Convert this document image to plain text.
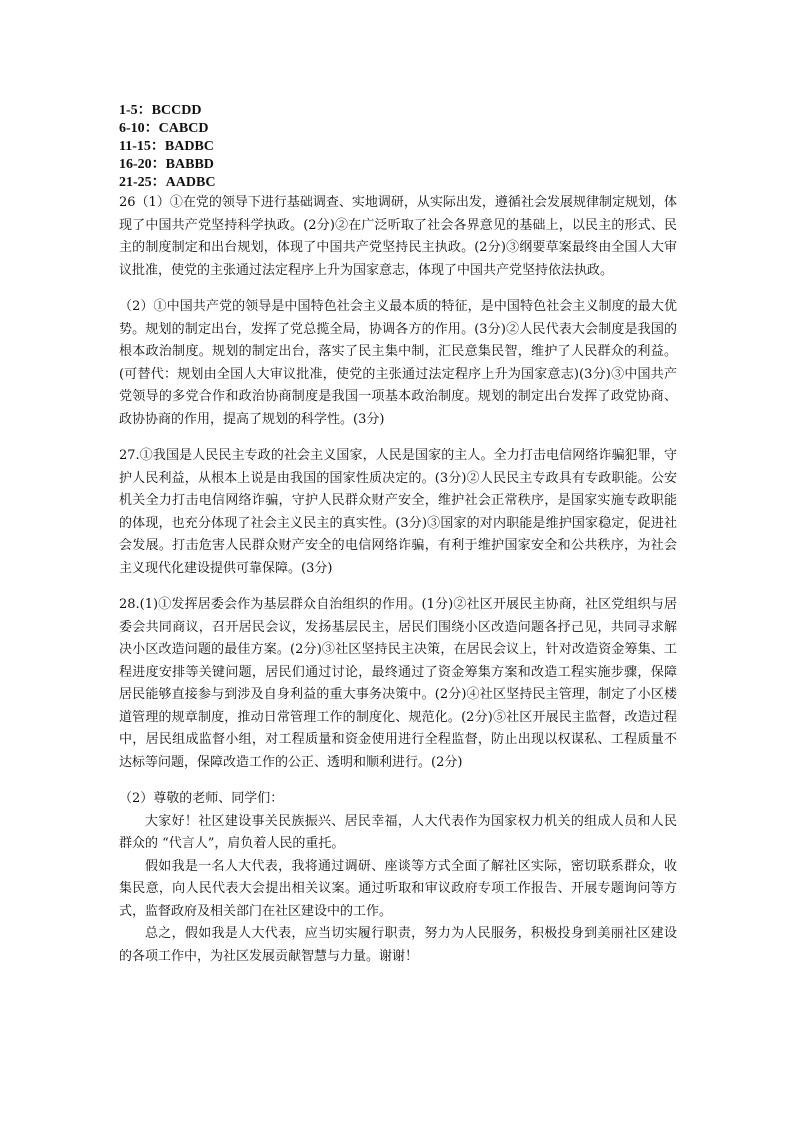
1-5：BCCDD

6-10：CABCD

11-15：BADBC

16-20：BABBD

21-25：AADBC

26（1）①在党的领导下进行基础调查、实地调研，从实际出发，遵循社会发展规律制定规划，体现了中国共产党坚持科学执政。(2分)②在广泛听取了社会各界意见的基础上，以民主的形式、民主的制度制定和出台规划，体现了中国共产党坚持民主执政。(2分)③纲要草案最终由全国人大审议批准，使党的主张通过法定程序上升为国家意志，体现了中国共产党坚持依法执政。

（2）①中国共产党的领导是中国特色社会主义最本质的特征，是中国特色社会主义制度的最大优势。规划的制定出台，发挥了党总揽全局，协调各方的作用。(3分)②人民代表大会制度是我国的根本政治制度。规划的制定出台，落实了民主集中制，汇民意集民智，维护了人民群众的利益。(可替代：规划由全国人大审议批准，使党的主张通过法定程序上升为国家意志)(3分)③中国共产党领导的多党合作和政治协商制度是我国一项基本政治制度。规划的制定出台发挥了政党协商、政协协商的作用，提高了规划的科学性。(3分)

27.①我国是人民民主专政的社会主义国家，人民是国家的主人。全力打击电信网络诈骗犯罪，守护人民利益，从根本上说是由我国的国家性质决定的。(3分)②人民民主专政具有专政职能。公安机关全力打击电信网络诈骗，守护人民群众财产安全，维护社会正常秩序，是国家实施专政职能的体现，也充分体现了社会主义民主的真实性。(3分)③国家的对内职能是维护国家稳定，促进社会发展。打击危害人民群众财产安全的电信网络诈骗，有利于维护国家安全和公共秩序，为社会主义现代化建设提供可靠保障。(3分)

28.(1)①发挥居委会作为基层群众自治组织的作用。(1分)②社区开展民主协商，社区党组织与居委会共同商议，召开居民会议，发扬基层民主，居民们围绕小区改造问题各抒己见，共同寻求解决小区改造问题的最佳方案。(2分)③社区坚持民主决策，在居民会议上，针对改造资金筹集、工程进度安排等关键问题，居民们通过讨论，最终通过了资金筹集方案和改造工程实施步骤，保障居民能够直接参与到涉及自身利益的重大事务决策中。(2分)④社区坚持民主管理，制定了小区楼道管理的规章制度，推动日常管理工作的制度化、规范化。(2分)⑤社区开展民主监督，改造过程中，居民组成监督小组，对工程质量和资金使用进行全程监督，防止出现以权谋私、工程质量不达标等问题，保障改造工作的公正、透明和顺利进行。(2分)

（2）尊敬的老师、同学们：

大家好！社区建设事关民族振兴、居民幸福，人大代表作为国家权力机关的组成人员和人民群众的 “代言人”，肩负着人民的重托。

假如我是一名人大代表，我将通过调研、座谈等方式全面了解社区实际，密切联系群众，收集民意，向人民代表大会提出相关议案。通过听取和审议政府专项工作报告、开展专题询问等方式，监督政府及相关部门在社区建设中的工作。

总之，假如我是人大代表，应当切实履行职责，努力为人民服务，积极投身到美丽社区建设的各项工作中，为社区发展贡献智慧与力量。谢谢！
